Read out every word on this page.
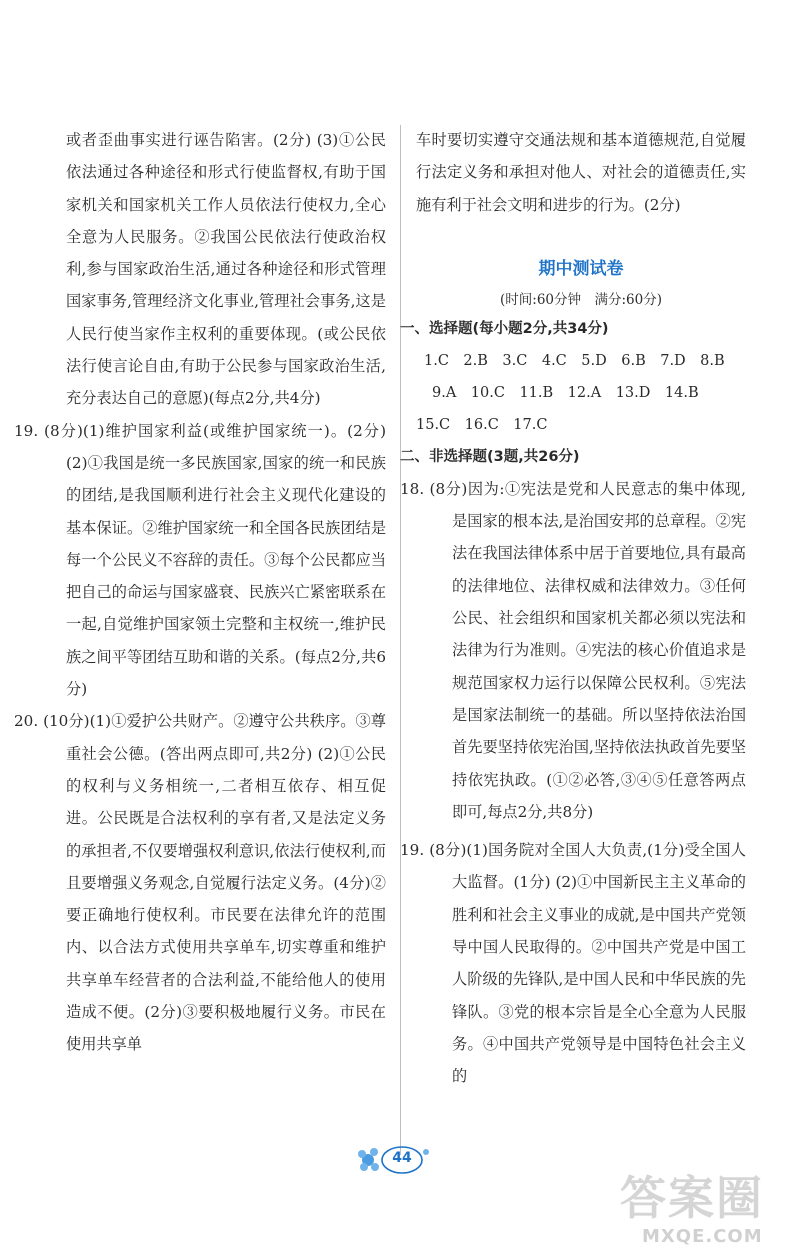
或者歪曲事实进行诬告陷害。(2分) (3)①公民依法通过各种途径和形式行使监督权,有助于国家机关和国家机关工作人员依法行使权力,全心全意为人民服务。②我国公民依法行使政治权利,参与国家政治生活,通过各种途径和形式管理国家事务,管理经济文化事业,管理社会事务,这是人民行使当家作主权利的重要体现。(或公民依法行使言论自由,有助于公民参与国家政治生活,充分表达自己的意愿)(每点2分,共4分)

19. (8分)(1)维护国家利益(或维护国家统一)。(2分) (2)①我国是统一多民族国家,国家的统一和民族的团结,是我国顺利进行社会主义现代化建设的基本保证。②维护国家统一和全国各民族团结是每一个公民义不容辞的责任。③每个公民都应当把自己的命运与国家盛衰、民族兴亡紧密联系在一起,自觉维护国家领土完整和主权统一,维护民族之间平等团结互助和谐的关系。(每点2分,共6分)

20. (10分)(1)①爱护公共财产。②遵守公共秩序。③尊重社会公德。(答出两点即可,共2分) (2)①公民的权利与义务相统一,二者相互依存、相互促进。公民既是合法权利的享有者,又是法定义务的承担者,不仅要增强权利意识,依法行使权利,而且要增强义务观念,自觉履行法定义务。(4分)②要正确地行使权利。市民要在法律允许的范围内、以合法方式使用共享单车,切实尊重和维护共享单车经营者的合法利益,不能给他人的使用造成不便。(2分)③要积极地履行义务。市民在使用共享单

车时要切实遵守交通法规和基本道德规范,自觉履行法定义务和承担对他人、对社会的道德责任,实施有利于社会文明和进步的行为。(2分)

期中测试卷
(时间:60分钟　满分:60分)
一、选择题(每小题2分,共34分)
1.C　2.B　3.C　4.C　5.D　6.B　7.D　8.B
9.A　10.C　11.B　12.A　13.D　14.B
15.C　16.C　17.C
二、非选择题(3题,共26分)

18. (8分)因为:①宪法是党和人民意志的集中体现,是国家的根本法,是治国安邦的总章程。②宪法在我国法律体系中居于首要地位,具有最高的法律地位、法律权威和法律效力。③任何公民、社会组织和国家机关都必须以宪法和法律为行为准则。④宪法的核心价值追求是规范国家权力运行以保障公民权利。⑤宪法是国家法制统一的基础。所以坚持依法治国首先要坚持依宪治国,坚持依法执政首先要坚持依宪执政。(①②必答,③④⑤任意答两点即可,每点2分,共8分)

19. (8分)(1)国务院对全国人大负责,(1分)受全国人大监督。(1分) (2)①中国新民主主义革命的胜利和社会主义事业的成就,是中国共产党领导中国人民取得的。②中国共产党是中国工人阶级的先锋队,是中国人民和中华民族的先锋队。③党的根本宗旨是全心全意为人民服务。④中国共产党领导是中国特色社会主义的

44
答案圈
MXQE.COM
